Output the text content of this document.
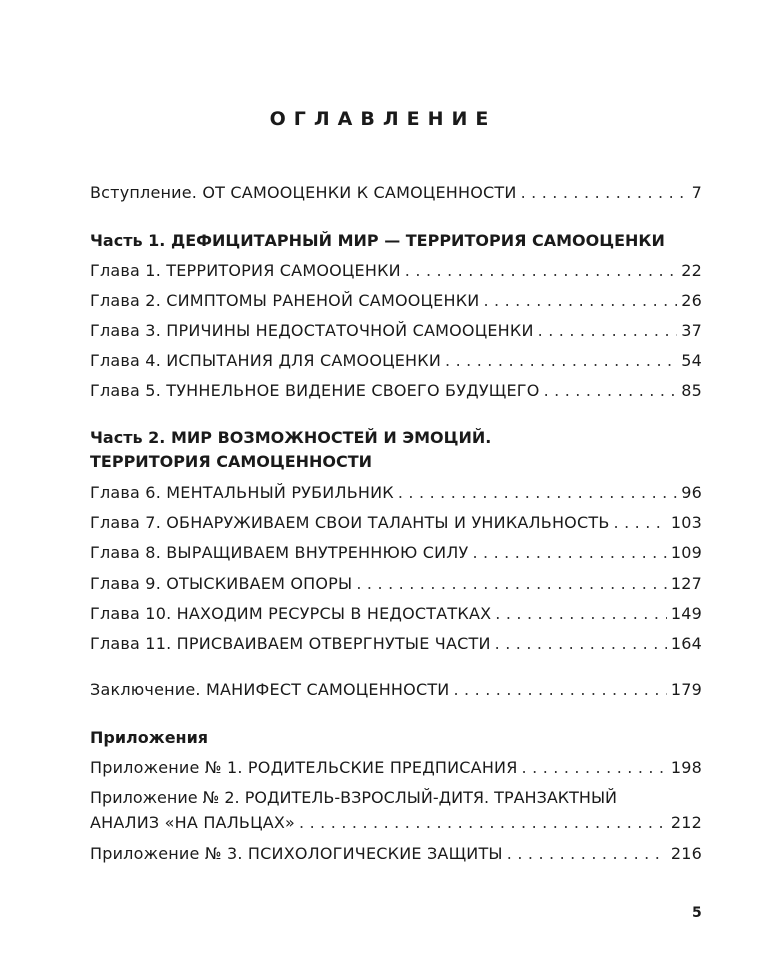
ОГЛАВЛЕНИЕ
Вступление. ОТ САМООЦЕНКИ К САМОЦЕННОСТИ . . .	7
Часть 1. ДЕФИЦИТАРНЫЙ МИР — ТЕРРИТОРИЯ САМООЦЕНКИ
Глава 1. ТЕРРИТОРИЯ САМООЦЕНКИ . . .	22
Глава 2. СИМПТОМЫ РАНЕНОЙ САМООЦЕНКИ . . .	26
Глава 3. ПРИЧИНЫ НЕДОСТАТОЧНОЙ САМООЦЕНКИ . . .	37
Глава 4. ИСПЫТАНИЯ ДЛЯ САМООЦЕНКИ . . .	54
Глава 5. ТУННЕЛЬНОЕ ВИДЕНИЕ СВОЕГО БУДУЩЕГО . . .	85
Часть 2. МИР ВОЗМОЖНОСТЕЙ И ЭМОЦИЙ.
ТЕРРИТОРИЯ САМОЦЕННОСТИ
Глава 6. МЕНТАЛЬНЫЙ РУБИЛЬНИК . . .	96
Глава 7. ОБНАРУЖИВАЕМ СВОИ ТАЛАНТЫ И УНИКАЛЬНОСТЬ . . .	103
Глава 8. ВЫРАЩИВАЕМ ВНУТРЕННЮЮ СИЛУ . . .	109
Глава 9. ОТЫСКИВАЕМ ОПОРЫ . . .	127
Глава 10. НАХОДИМ РЕСУРСЫ В НЕДОСТАТКАХ . . .	149
Глава 11. ПРИСВАИВАЕМ ОТВЕРГНУТЫЕ ЧАСТИ . . .	164
Заключение. МАНИФЕСТ САМОЦЕННОСТИ . . .	179
Приложения
Приложение № 1. РОДИТЕЛЬСКИЕ ПРЕДПИСАНИЯ . . .	198
Приложение № 2. РОДИТЕЛЬ-ВЗРОСЛЫЙ-ДИТЯ. ТРАНЗАКТНЫЙ
АНАЛИЗ «НА ПАЛЬЦАХ» . . .	212
Приложение № 3. ПСИХОЛОГИЧЕСКИЕ ЗАЩИТЫ . . .	216
5
